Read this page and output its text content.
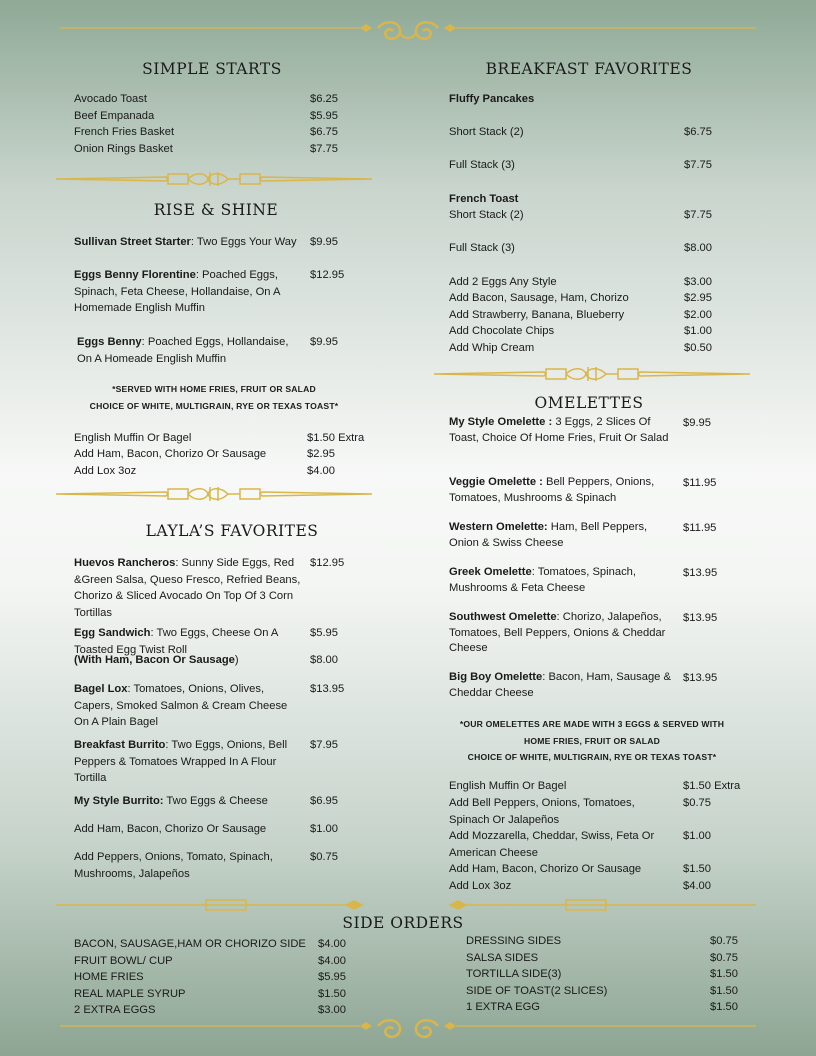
SIMPLE STARTS
Avocado Toast	$6.25
Beef Empanada	$5.95
French Fries Basket	$6.75
Onion Rings Basket	$7.75
RISE & SHINE
Sullivan Street Starter: Two Eggs Your Way	$9.95
Eggs Benny Florentine: Poached Eggs, Spinach, Feta Cheese, Hollandaise, On A Homemade English Muffin
$12.95
Eggs Benny: Poached Eggs, Hollandaise, On A Homeade English Muffin
$9.95
*SERVED WITH HOME FRIES, FRUIT OR SALAD
CHOICE OF WHITE, MULTIGRAIN, RYE OR TEXAS TOAST*
English Muffin Or Bagel	$1.50 Extra
Add Ham, Bacon, Chorizo Or Sausage	$2.95
Add Lox 3oz	$4.00
LAYLA’S FAVORITES
Huevos Rancheros: Sunny Side Eggs, Red &Green Salsa, Queso Fresco, Refried Beans, Chorizo & Sliced Avocado On Top Of 3 Corn Tortillas
$12.95
Egg Sandwich: Two Eggs, Cheese On A Toasted Egg Twist Roll
$5.95
(With Ham, Bacon Or Sausage)	$8.00
Bagel Lox: Tomatoes, Onions, Olives, Capers, Smoked Salmon & Cream Cheese On A Plain Bagel
$13.95
Breakfast Burrito: Two Eggs, Onions, Bell Peppers & Tomatoes Wrapped In A Flour Tortilla
$7.95
My Style Burrito: Two Eggs & Cheese	$6.95
Add Ham, Bacon, Chorizo Or Sausage	$1.00
Add Peppers, Onions, Tomato, Spinach, Mushrooms, Jalapeños
$0.75
BREAKFAST FAVORITES
Fluffy Pancakes
Short Stack (2)	$6.75
Full Stack (3)	$7.75
French Toast
Short Stack (2)	$7.75
Full Stack (3)	$8.00
Add 2 Eggs Any Style	$3.00
Add Bacon, Sausage, Ham, Chorizo	$2.95
Add Strawberry, Banana, Blueberry	$2.00
Add Chocolate Chips	$1.00
Add Whip Cream	$0.50
OMELETTES
My Style Omelette : 3 Eggs, 2 Slices Of Toast, Choice Of Home Fries, Fruit Or Salad
$9.95
Veggie Omelette : Bell Peppers, Onions, Tomatoes, Mushrooms & Spinach
$11.95
Western Omelette: Ham, Bell Peppers, Onion & Swiss Cheese
$11.95
Greek Omelette: Tomatoes, Spinach, Mushrooms & Feta Cheese
$13.95
Southwest Omelette: Chorizo, Jalapeños, Tomatoes, Bell Peppers, Onions & Cheddar Cheese
$13.95
Big Boy Omelette: Bacon, Ham, Sausage & Cheddar Cheese
$13.95
*OUR OMELETTES ARE MADE WITH 3 EGGS & SERVED WITH
HOME FRIES, FRUIT OR SALAD
CHOICE OF WHITE, MULTIGRAIN, RYE OR TEXAS TOAST*
English Muffin Or Bagel	$1.50 Extra
Add Bell Peppers, Onions, Tomatoes, Spinach Or Jalapeños
$0.75
Add Mozzarella, Cheddar, Swiss, Feta Or American Cheese
$1.00
Add Ham, Bacon, Chorizo Or Sausage	$1.50
Add Lox 3oz	$4.00
SIDE ORDERS
BACON, SAUSAGE,HAM OR CHORIZO SIDE $4.00
FRUIT BOWL/ CUP	$4.00
HOME FRIES	$5.95
REAL MAPLE SYRUP	$1.50
2 EXTRA EGGS	$3.00
DRESSING SIDES	$0.75
SALSA SIDES	$0.75
TORTILLA SIDE(3)	$1.50
SIDE OF TOAST(2 SLICES)	$1.50
1 EXTRA EGG	$1.50
